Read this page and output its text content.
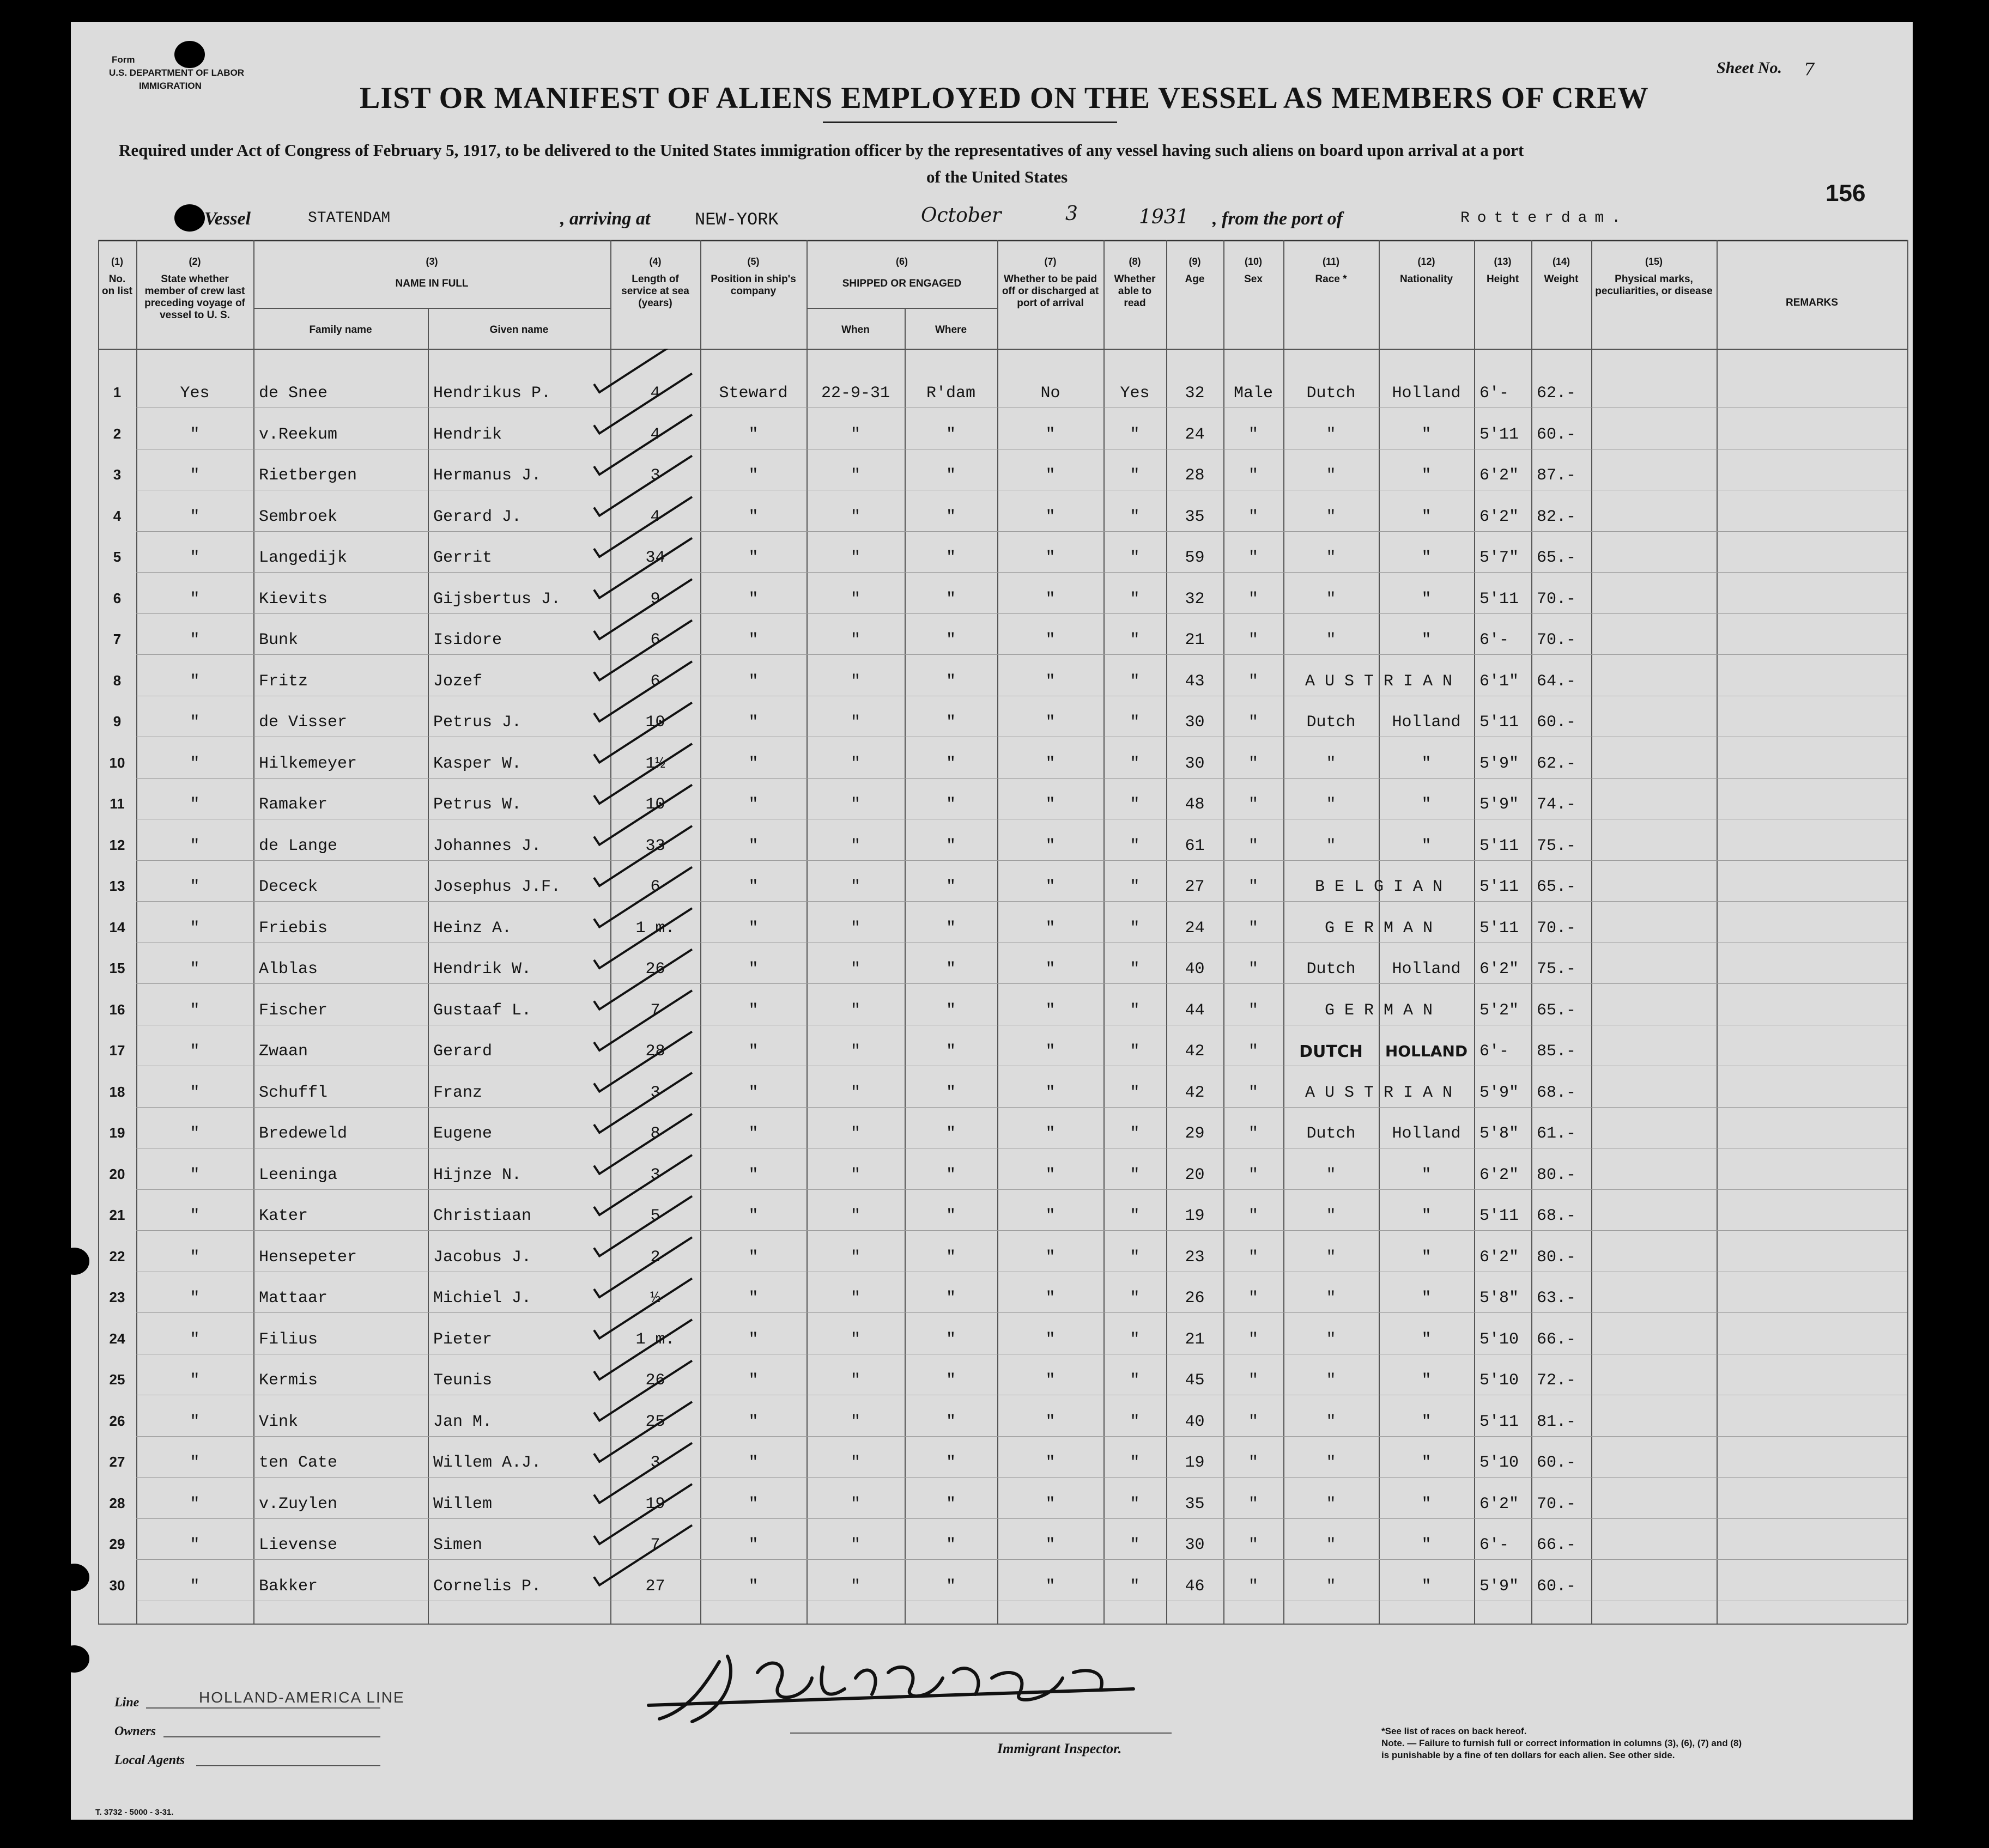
Form
U.S. DEPARTMENT OF LABOR
IMMIGRATION
Sheet No. 7
156
LIST OR MANIFEST OF ALIENS EMPLOYED ON THE VESSEL AS MEMBERS OF CREW
Required under Act of Congress of February 5, 1917, to be delivered to the United States immigration officer by the representatives of any vessel having such aliens on board upon arrival at a port
of the United States
Vessel	STATENDAM	, arriving at	NEW-YORK	October	3	1931 , from the port of	Rotterdam.
(1)
No. on list
(2)
State whether member of crew last preceding voyage of vessel to U. S.
(3)
NAME IN FULL
Family name	Given name
(4)
Length of service at sea (years)
(5)
Position in ship's company
(6)
SHIPPED OR ENGAGED
When	Where
(7)
Whether to be paid off or discharged at port of arrival
(8)
Whether able to read
(9)
Age
(10)
Sex
(11)
Race *
(12)
Nationality
(13)
Height
(14)
Weight
(15)
Physical marks, peculiarities, or disease
REMARKS
1	Yes	de Snee	Hendrikus P.	4	Steward	22-9-31	R'dam	No	Yes	32	Male	Dutch	Holland	6'- 62.-
2	"	v.Reekum	Hendrik	4	"	"	"	"	"	24	"	"	"	5'11 60.-
3	"	Rietbergen	Hermanus J.	3	"	"	"	"	"	28	"	"	"	6'2" 87.-
4	"	Sembroek	Gerard J.	4	"	"	"	"	"	35	"	"	"	6'2" 82.-
5	"	Langedijk	Gerrit	34	"	"	"	"	"	59	"	"	"	5'7" 65.-
6	"	Kievits	Gijsbertus J.	9	"	"	"	"	"	32	"	"	"	5'11 70.-
7	"	Bunk	Isidore	6	"	"	"	"	"	21	"	"	"	6'- 70.-
8	"	Fritz	Jozef	6	"	"	"	"	"	43	"	A U S T R I A N	6'1" 64.-
9	"	de Visser	Petrus J.	10	"	"	"	"	"	30	"	Dutch	Holland	5'11 60.-
10	"	Hilkemeyer	Kasper W.	1½	"	"	"	"	"	30	"	"	"	5'9" 62.-
11	"	Ramaker	Petrus W.	10	"	"	"	"	"	48	"	"	"	5'9" 74.-
12	"	de Lange	Johannes J.	33	"	"	"	"	"	61	"	"	"	5'11 75.-
13	"	Dececk	Josephus J.F.	6	"	"	"	"	"	27	"	B E L G I A N	5'11 65.-
14	"	Friebis	Heinz A.	1 m.	"	"	"	"	"	24	"	G E R M A N	5'11 70.-
15	"	Alblas	Hendrik W.	26	"	"	"	"	"	40	"	Dutch	Holland	6'2" 75.-
16	"	Fischer	Gustaaf L.	7	"	"	"	"	"	44	"	G E R M A N	5'2" 65.-
17	"	Zwaan	Gerard	28	"	"	"	"	"	42	"	DUTCH	HOLLAND 6'- 85.-
18	"	Schuffl	Franz	3	"	"	"	"	"	42	"	A U S T R I A N	5'9" 68.-
19	"	Bredeweld	Eugene	8	"	"	"	"	"	29	"	Dutch	Holland	5'8" 61.-
20	"	Leeninga	Hijnze N.	3	"	"	"	"	"	20	"	"	"	6'2" 80.-
21	"	Kater	Christiaan	5	"	"	"	"	"	19	"	"	"	5'11 68.-
22	"	Hensepeter	Jacobus J.	2	"	"	"	"	"	23	"	"	"	6'2" 80.-
23	"	Mattaar	Michiel J.	½	"	"	"	"	"	26	"	"	"	5'8" 63.-
24	"	Filius	Pieter	1 m.	"	"	"	"	"	21	"	"	"	5'10 66.-
25	"	Kermis	Teunis	26	"	"	"	"	"	45	"	"	"	5'10 72.-
26	"	Vink	Jan M.	25	"	"	"	"	"	40	"	"	"	5'11 81.-
27	"	ten Cate	Willem A.J.	3	"	"	"	"	"	19	"	"	"	5'10 60.-
28	"	v.Zuylen	Willem	19	"	"	"	"	"	35	"	"	"	6'2" 70.-
29	"	Lievense	Simen	7	"	"	"	"	"	30	"	"	"	6'- 66.-
30	"	Bakker	Cornelis P.	27	"	"	"	"	"	46	"	"	"	5'9" 60.-
Line	HOLLAND-AMERICA LINE
Owners
Local Agents
T. 3732 - 5000 - 3-31.
Immigrant Inspector.
*See list of races on back hereof.
Note. — Failure to furnish full or correct information in columns (3), (6), (7) and (8)
is punishable by a fine of ten dollars for each alien. See other side.
